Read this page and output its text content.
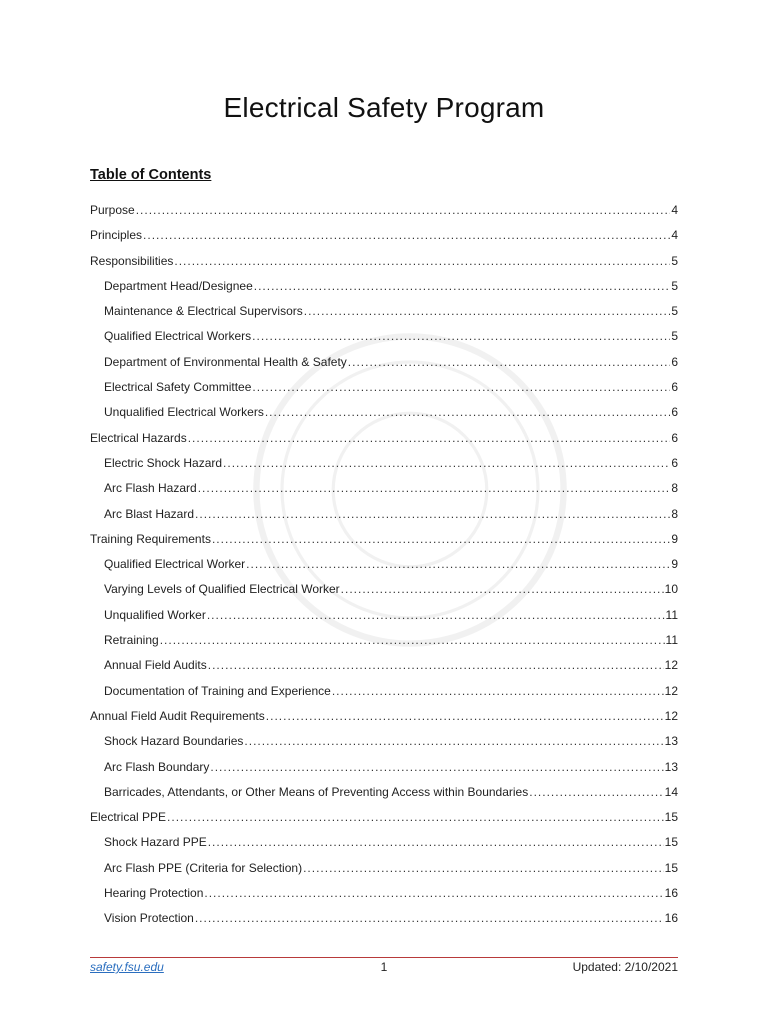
Electrical Safety Program
Table of Contents
Purpose .....	4
Principles .....	4
Responsibilities .....	5
Department Head/Designee .....	5
Maintenance & Electrical Supervisors .....	5
Qualified Electrical Workers .....	5
Department of Environmental Health & Safety .....	6
Electrical Safety Committee .....	6
Unqualified Electrical Workers .....	6
Electrical Hazards .....	6
Electric Shock Hazard .....	6
Arc Flash Hazard .....	8
Arc Blast Hazard .....	8
Training Requirements .....	9
Qualified Electrical Worker .....	9
Varying Levels of Qualified Electrical Worker .....	10
Unqualified Worker .....	11
Retraining .....	11
Annual Field Audits .....	12
Documentation of Training and Experience .....	12
Annual Field Audit Requirements .....	12
Shock Hazard Boundaries .....	13
Arc Flash Boundary .....	13
Barricades, Attendants, or Other Means of Preventing Access within Boundaries .....	14
Electrical PPE .....	15
Shock Hazard PPE .....	15
Arc Flash PPE (Criteria for Selection) .....	15
Hearing Protection .....	16
Vision Protection .....	16
safety.fsu.edu	1	Updated: 2/10/2021
